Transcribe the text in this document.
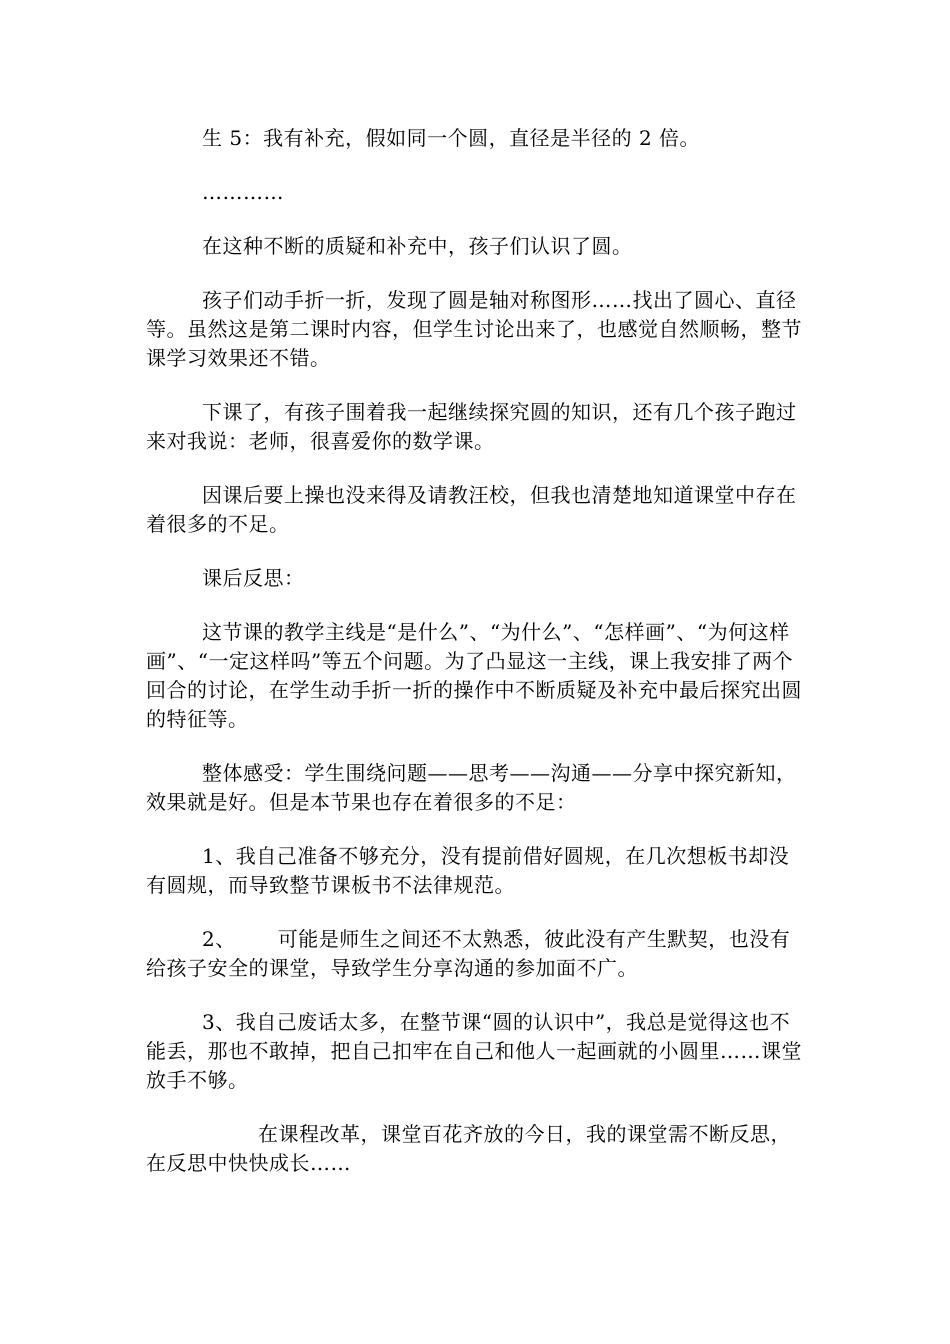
生 5：我有补充，假如同一个圆，直径是半径的 2 倍。

…………

在这种不断的质疑和补充中，孩子们认识了圆。

孩子们动手折一折，发现了圆是轴对称图形……找出了圆心、直径等。虽然这是第二课时内容，但学生讨论出来了，也感觉自然顺畅，整节课学习效果还不错。

下课了，有孩子围着我一起继续探究圆的知识，还有几个孩子跑过来对我说：老师，很喜爱你的数学课。

因课后要上操也没来得及请教汪校，但我也清楚地知道课堂中存在着很多的不足。

课后反思：

这节课的教学主线是“是什么”、“为什么”、“怎样画”、“为何这样画”、“一定这样吗”等五个问题。为了凸显这一主线，课上我安排了两个回合的讨论，在学生动手折一折的操作中不断质疑及补充中最后探究出圆的特征等。

整体感受：学生围绕问题——思考——沟通——分享中探究新知，效果就是好。但是本节果也存在着很多的不足：

1、我自己准备不够充分，没有提前借好圆规，在几次想板书却没有圆规，而导致整节课板书不法律规范。

2、 可能是师生之间还不太熟悉，彼此没有产生默契，也没有给孩子安全的课堂，导致学生分享沟通的参加面不广。

3、我自己废话太多，在整节课“圆的认识中”，我总是觉得这也不能丢，那也不敢掉，把自己扣牢在自己和他人一起画就的小圆里……课堂放手不够。

在课程改革，课堂百花齐放的今日，我的课堂需不断反思，在反思中快快成长……
